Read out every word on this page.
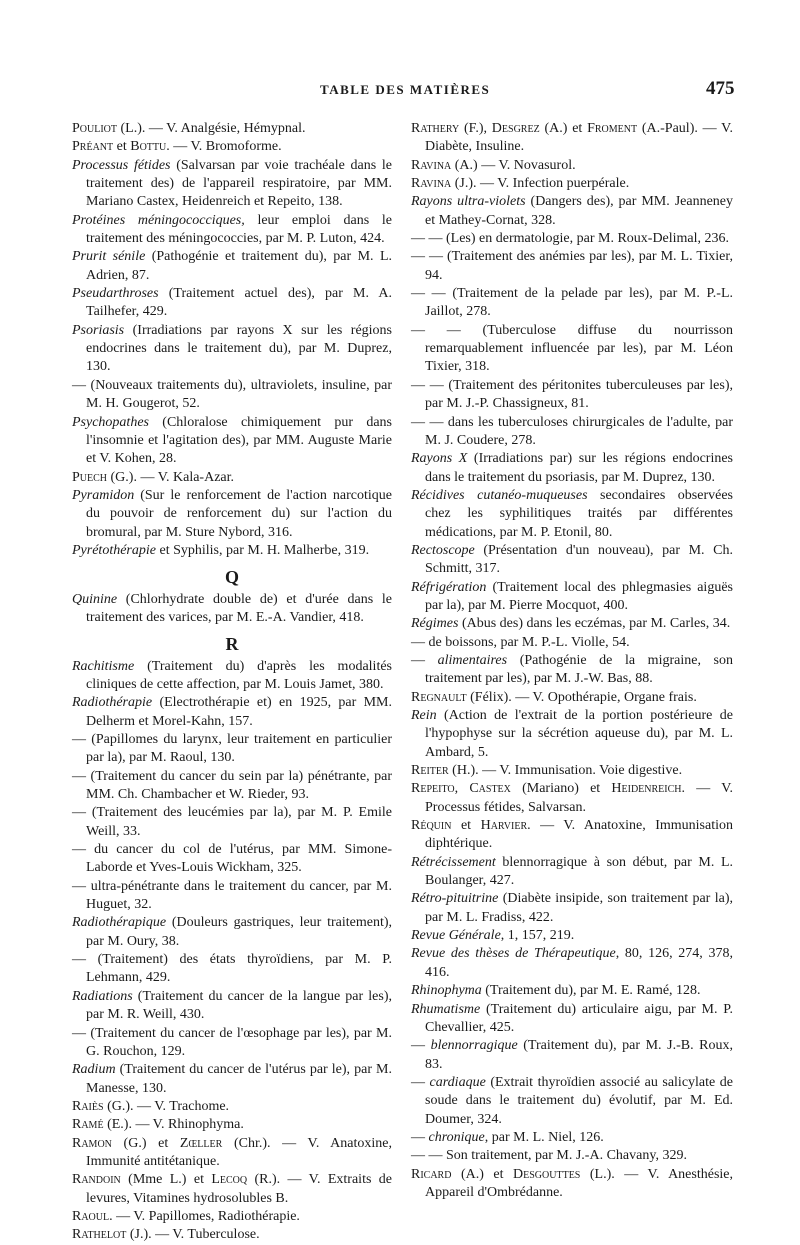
TABLE DES MATIÈRES	475

Pouliot (L.). — V. Analgésie, Hémypnal.

Préant et Bottu. — V. Bromoforme.

Processus fétides (Salvarsan par voie trachéale dans le traitement des) de l'appareil respiratoire, par MM. Mariano Castex, Heidenreich et Repeito, 138.

Protéines méningococciques, leur emploi dans le traitement des méningococcies, par M. P. Luton, 424.

Prurit sénile (Pathogénie et traitement du), par M. L. Adrien, 87.

Pseudarthroses (Traitement actuel des), par M. A. Tailhefer, 429.

Psoriasis (Irradiations par rayons X sur les régions endocrines dans le traitement du), par M. Duprez, 130.

— (Nouveaux traitements du), ultraviolets, insuline, par M. H. Gougerot, 52.

Psychopathes (Chloralose chimiquement pur dans l'insomnie et l'agitation des), par MM. Auguste Marie et V. Kohen, 28.

Puech (G.). — V. Kala-Azar.

Pyramidon (Sur le renforcement de l'action narcotique du pouvoir de renforcement du) sur l'action du bromural, par M. Sture Nybord, 316.

Pyrétothérapie et Syphilis, par M. H. Malherbe, 319.

Q

Quinine (Chlorhydrate double de) et d'urée dans le traitement des varices, par M. E.-A. Vandier, 418.

R

Rachitisme (Traitement du) d'après les modalités cliniques de cette affection, par M. Louis Jamet, 380.

Radiothérapie (Electrothérapie et) en 1925, par MM. Delherm et Morel-Kahn, 157.

— (Papillomes du larynx, leur traitement en particulier par la), par M. Raoul, 130.

— (Traitement du cancer du sein par la) pénétrante, par MM. Ch. Chambacher et W. Rieder, 93.

— (Traitement des leucémies par la), par M. P. Emile Weill, 33.

— du cancer du col de l'utérus, par MM. Simone-Laborde et Yves-Louis Wickham, 325.

— ultra-pénétrante dans le traitement du cancer, par M. Huguet, 32.

Radiothérapique (Douleurs gastriques, leur traitement), par M. Oury, 38.

— (Traitement) des états thyroïdiens, par M. P. Lehmann, 429.

Radiations (Traitement du cancer de la langue par les), par M. R. Weill, 430.

— (Traitement du cancer de l'œsophage par les), par M. G. Rouchon, 129.

Radium (Traitement du cancer de l'utérus par le), par M. Manesse, 130.

Raiès (G.). — V. Trachome.

Ramé (E.). — V. Rhinophyma.

Ramon (G.) et Zœller (Chr.). — V. Anatoxine, Immunité antitétanique.

Randoin (Mme L.) et Lecoq (R.). — V. Extraits de levures, Vitamines hydrosolubles B.

Raoul. — V. Papillomes, Radiothérapie.

Rathelot (J.). — V. Tuberculose.

Rathery (F.), Desgrez (A.) et Froment (A.-Paul). — V. Diabète, Insuline.

Ravina (A.) — V. Novasurol.

Ravina (J.). — V. Infection puerpérale.

Rayons ultra-violets (Dangers des), par MM. Jeanneney et Mathey-Cornat, 328.

— — (Les) en dermatologie, par M. Roux-Delimal, 236.

— — (Traitement des anémies par les), par M. L. Tixier, 94.

— — (Traitement de la pelade par les), par M. P.-L. Jaillot, 278.

— — (Tuberculose diffuse du nourrisson remarquablement influencée par les), par M. Léon Tixier, 318.

— — (Traitement des péritonites tuberculeuses par les), par M. J.-P. Chassigneux, 81.

— — dans les tuberculoses chirurgicales de l'adulte, par M. J. Coudere, 278.

Rayons X (Irradiations par) sur les régions endocrines dans le traitement du psoriasis, par M. Duprez, 130.

Récidives cutanéo-muqueuses secondaires observées chez les syphilitiques traités par différentes médications, par M. P. Etonil, 80.

Rectoscope (Présentation d'un nouveau), par M. Ch. Schmitt, 317.

Réfrigération (Traitement local des phlegmasies aiguës par la), par M. Pierre Mocquot, 400.

Régimes (Abus des) dans les eczémas, par M. Carles, 34.

— de boissons, par M. P.-L. Violle, 54.

— alimentaires (Pathogénie de la migraine, son traitement par les), par M. J.-W. Bas, 88.

Regnault (Félix). — V. Opothérapie, Organe frais.

Rein (Action de l'extrait de la portion postérieure de l'hypophyse sur la sécrétion aqueuse du), par M. L. Ambard, 5.

Reiter (H.). — V. Immunisation. Voie digestive.

Repeito, Castex (Mariano) et Heidenreich. — V. Processus fétides, Salvarsan.

Réquin et Harvier. — V. Anatoxine, Immunisation diphtérique.

Rétrécissement blennorragique à son début, par M. L. Boulanger, 427.

Rétro-pituitrine (Diabète insipide, son traitement par la), par M. L. Fradiss, 422.

Revue Générale, 1, 157, 219.

Revue des thèses de Thérapeutique, 80, 126, 274, 378, 416.

Rhinophyma (Traitement du), par M. E. Ramé, 128.

Rhumatisme (Traitement du) articulaire aigu, par M. P. Chevallier, 425.

— blennorragique (Traitement du), par M. J.-B. Roux, 83.

— cardiaque (Extrait thyroïdien associé au salicylate de soude dans le traitement du) évolutif, par M. Ed. Doumer, 324.

— chronique, par M. L. Niel, 126.

— — Son traitement, par M. J.-A. Chavany, 329.

Ricard (A.) et Desgouttes (L.). — V. Anesthésie, Appareil d'Ombrédanne.
